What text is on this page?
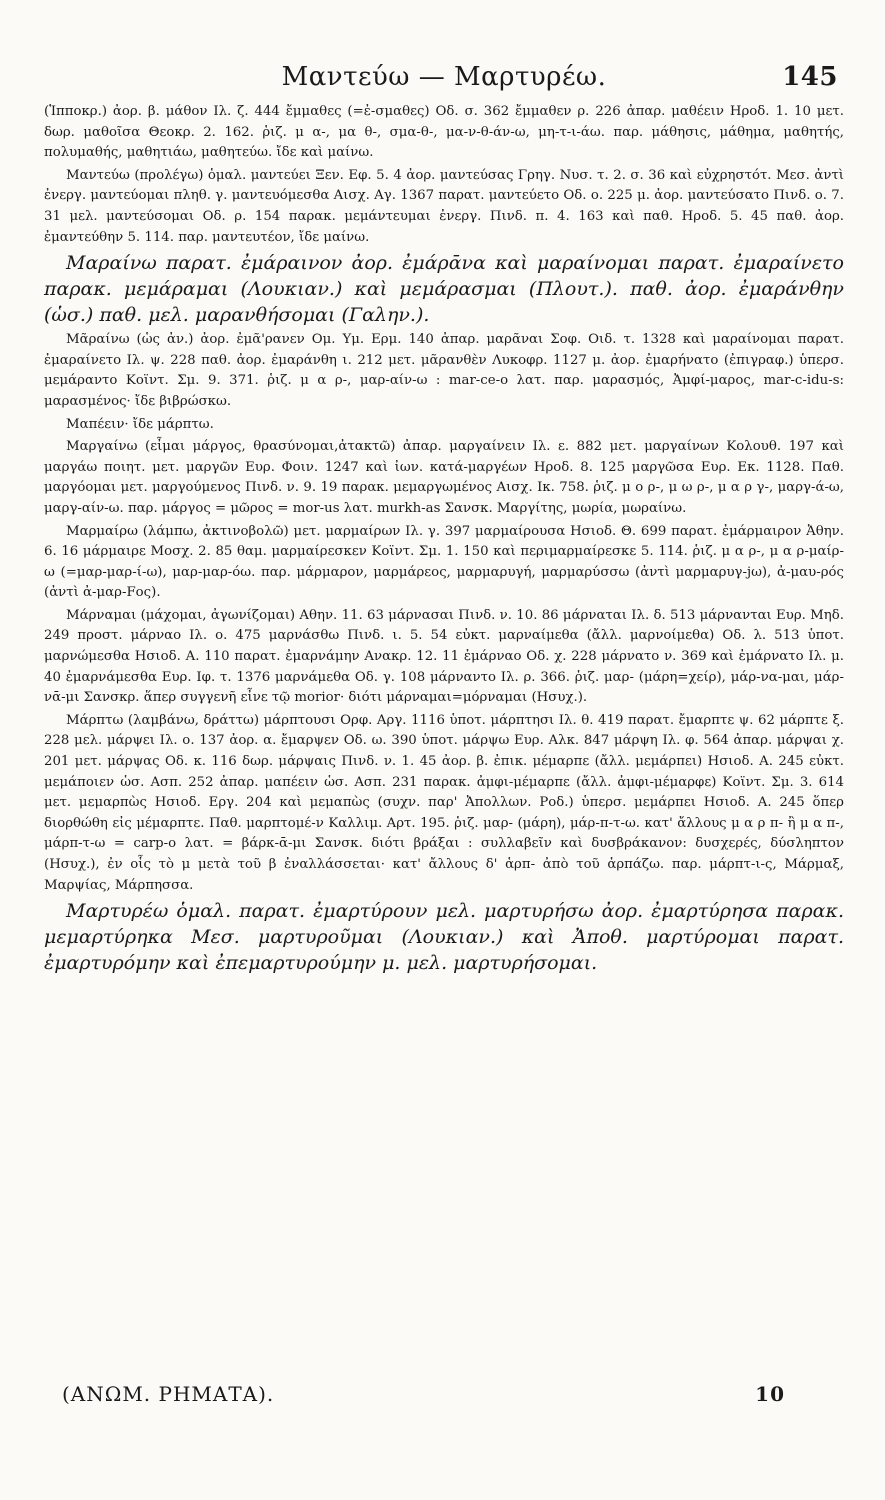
Μαντεύω — Μαρτυρέω.	145

(Ἱπποκρ.) ἀορ. β. μάθον Ιλ. ζ. 444 ἔμμαθες (=ἐ-σμαθες) Οδ. σ. 362 ἔμμαθεν ρ. 226 ἀπαρ. μαθέειν Ηροδ. 1. 10 μετ. δωρ. μαθοῖσα Θεοκρ. 2. 162. ῥιζ. μ α-, μα θ-, σμα-θ-, μα-ν-θ-άν-ω, μη-τ-ι-άω. παρ. μάθησις, μάθημα, μαθητής, πολυμαθής, μαθητιάω, μαθητεύω. ἴδε καὶ μαίνω.

Μαντεύω (προλέγω) ὁμαλ. μαντεύει Ξεν. Εφ. 5. 4 ἀορ. μαντεύσας Γρηγ. Νυσ. τ. 2. σ. 36 καὶ εὐχρηστότ. Μεσ. ἀντὶ ἐνεργ. μαντεύομαι πληθ. γ. μαντευόμεσθα Αισχ. Αγ. 1367 παρατ. μαντεύετο Οδ. ο. 225 μ. ἀορ. μαντεύσατο Πινδ. ο. 7. 31 μελ. μαντεύσομαι Οδ. ρ. 154 παρακ. μεμάντευμαι ἐνεργ. Πινδ. π. 4. 163 καὶ παθ. Ηροδ. 5. 45 παθ. ἀορ. ἐμαντεύθην 5. 114. παρ. μαντευτέον, ἴδε μαίνω.

Μαραίνω παρατ. ἐμάραινον ἀορ. ἐμάρᾱνα καὶ μαραίνομαι παρατ. ἐμαραίνετο παρακ. μεμάραμαι (Λουκιαν.) καὶ μεμάρασμαι (Πλουτ.). παθ. ἀορ. ἐμαράνθην (ὡσ.) παθ. μελ. μαρανθήσομαι (Γαλην.).

Μᾶραίνω (ὡς ἀν.) ἀορ. ἐμᾶ'ρανεν Ομ. Υμ. Ερμ. 140 ἀπαρ. μαρᾶναι Σοφ. Οιδ. τ. 1328 καὶ μαραίνομαι παρατ. ἐμαραίνετο Ιλ. ψ. 228 παθ. ἀορ. ἐμαράνθη ι. 212 μετ. μᾶρανθὲν Λυκοφρ. 1127 μ. ἀορ. ἐμαρήνατο (ἐπιγραφ.) ὑπερσ. μεμάραντο Κοϊντ. Σμ. 9. 371. ῥιζ. μ α ρ-, μαρ-αίν-ω : mar-ce-o λατ. παρ. μαρασμός, Ἀμφί-μαρος, mar-c-idu-s: μαρασμένος· ἴδε βιβρώσκω.

Μαπέειν· ἴδε μάρπτω.

Μαργαίνω (εἶμαι μάργος, θρασύνομαι,ἀτακτῶ) ἀπαρ. μαργαίνειν Ιλ. ε. 882 μετ. μαργαίνων Κολουθ. 197 καὶ μαργάω ποιητ. μετ. μαργῶν Ευρ. Φοιν. 1247 καὶ ἰων. κατά-μαργέων Ηροδ. 8. 125 μαργῶσα Ευρ. Εκ. 1128. Παθ. μαργόομαι μετ. μαργούμενος Πινδ. ν. 9. 19 παρακ. μεμαργωμένος Αισχ. Ικ. 758. ῥιζ. μ ο ρ-, μ ω ρ-, μ α ρ γ-, μαργ-ά-ω, μαργ-αίν-ω. παρ. μάργος = μῶρος = mor-us λατ. murkh-as Σανσκ. Μαργίτης, μωρία, μωραίνω.

Μαρμαίρω (λάμπω, ἀκτινοβολῶ) μετ. μαρμαίρων Ιλ. γ. 397 μαρμαίρουσα Ησιοδ. Θ. 699 παρατ. ἐμάρμαιρον Ἀθην. 6. 16 μάρμαιρε Μοσχ. 2. 85 θαμ. μαρμαίρεσκεν Κοϊντ. Σμ. 1. 150 καὶ περιμαρμαίρεσκε 5. 114. ῥιζ. μ α ρ-, μ α ρ-μαίρ-ω (=μαρ-μαρ-ί-ω), μαρ-μαρ-όω. παρ. μάρμαρον, μαρμάρεος, μαρμαρυγή, μαρμαρύσσω (ἀντὶ μαρμαρυγ-jω), ἀ-μαυ-ρός (ἀντὶ ἀ-μαρ-Fος).

Μάρναμαι (μάχομαι, ἀγωνίζομαι) Αθην. 11. 63 μάρνασαι Πινδ. ν. 10. 86 μάρναται Ιλ. δ. 513 μάρνανται Ευρ. Μηδ. 249 προστ. μάρναο Ιλ. ο. 475 μαρνάσθω Πινδ. ι. 5. 54 εὐκτ. μαρναίμεθα (ἄλλ. μαρνοίμεθα) Οδ. λ. 513 ὑποτ. μαρνώμεσθα Ησιοδ. Α. 110 παρατ. ἐμαρνάμην Ανακρ. 12. 11 ἐμάρναο Οδ. χ. 228 μάρνατο ν. 369 καὶ ἐμάρνατο Ιλ. μ. 40 ἐμαρνάμεσθα Ευρ. Ιφ. τ. 1376 μαρνάμεθα Οδ. γ. 108 μάρναντο Ιλ. ρ. 366. ῥιζ. μαρ- (μάρη=χείρ), μάρ-να-μαι, μάρ-νᾱ-μι Σανσκρ. ἅπερ συγγενῆ εἶνε τῷ morior· διότι μάρναμαι=μόρναμαι (Ησυχ.).

Μάρπτω (λαμβάνω, δράττω) μάρπτουσι Ορφ. Αργ. 1116 ὑποτ. μάρπτησι Ιλ. θ. 419 παρατ. ἔμαρπτε ψ. 62 μάρπτε ξ. 228 μελ. μάρψει Ιλ. ο. 137 ἀορ. α. ἔμαρψεν Οδ. ω. 390 ὑποτ. μάρψω Ευρ. Αλκ. 847 μάρψη Ιλ. φ. 564 ἀπαρ. μάρψαι χ. 201 μετ. μάρψας Οδ. κ. 116 δωρ. μάρψαις Πινδ. ν. 1. 45 ἀορ. β. ἐπικ. μέμαρπε (ἄλλ. μεμάρπει) Ησιοδ. Α. 245 εὐκτ. μεμάποιεν ὡσ. Ασπ. 252 ἀπαρ. μαπέειν ὡσ. Ασπ. 231 παρακ. ἀμφι-μέμαρπε (ἄλλ. ἀμφι-μέμαρφε) Κοϊντ. Σμ. 3. 614 μετ. μεμαρπὼς Ησιοδ. Εργ. 204 καὶ μεμαπὼς (συχν. παρ' Ἀπολλων. Ροδ.) ὑπερσ. μεμάρπει Ησιοδ. Α. 245 ὅπερ διορθώθη εἰς μέμαρπτε. Παθ. μαρπτομέ-ν Καλλιμ. Αρτ. 195. ῥιζ. μαρ- (μάρη), μάρ-π-τ-ω. κατ' ἄλλους μ α ρ π- ἢ μ α π-, μάρπ-τ-ω = carp-o λατ. = βάρκ-ᾱ-μι Σανσκ. διότι βράξαι : συλλαβεῖν καὶ δυσβράκανον: δυσχερές, δύσληπτον (Ησυχ.), ἐν οἷς τὸ μ μετὰ τοῦ β ἐναλλάσσεται· κατ' ἄλλους δ' ἁρπ- ἀπὸ τοῦ ἁρπάζω. παρ. μάρπτ-ι-ς, Μάρμαξ, Μαρψίας, Μάρπησσα.

Μαρτυρέω ὁμαλ. παρατ. ἐμαρτύρουν μελ. μαρτυρήσω ἀορ. ἐμαρτύρησα παρακ. μεμαρτύρηκα Μεσ. μαρτυροῦμαι (Λουκιαν.) καὶ Ἀποθ. μαρτύρομαι παρατ. ἐμαρτυρόμην καὶ ἐπεμαρτυρούμην μ. μελ. μαρτυρήσομαι.

(ΑΝΩΜ. ΡΗΜΑΤΑ).	10
